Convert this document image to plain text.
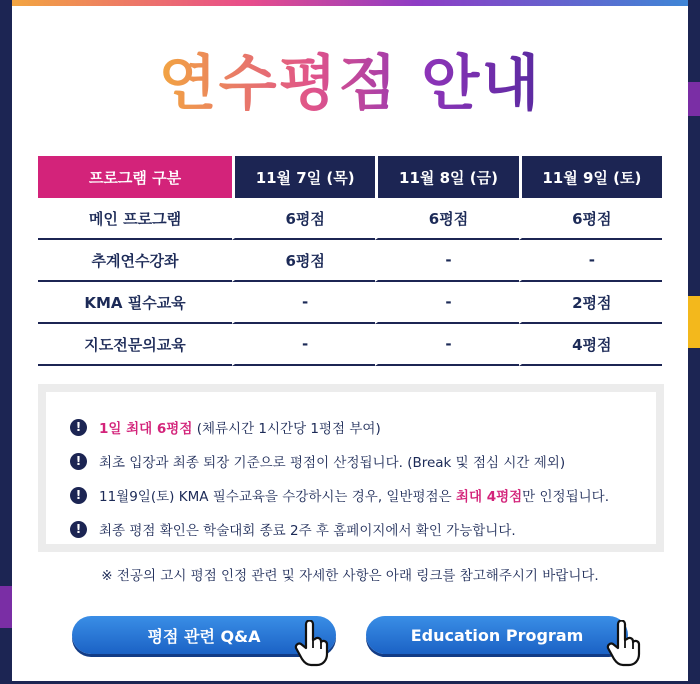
연수평점 안내
프로그램 구분	11월 7일 (목)	11월 8일 (금)	11월 9일 (토)
메인 프로그램	6평점	6평점	6평점
추계연수강좌	6평점	-	-
KMA 필수교육	-	-	2평점
지도전문의교육	-	-	4평점
!	1일 최대 6평점 (체류시간 1시간당 1평점 부여)
!	최초 입장과 최종 퇴장 기준으로 평점이 산정됩니다. (Break 및 점심 시간 제외)
!	11월9일(토) KMA 필수교육을 수강하시는 경우, 일반평점은 최대 4평점만 인정됩니다.
!	최종 평점 확인은 학술대회 종료 2주 후 홈페이지에서 확인 가능합니다.
※ 전공의 고시 평점 인정 관련 및 자세한 사항은 아래 링크를 참고해주시기 바랍니다.
평점 관련 Q&A	Education Program
